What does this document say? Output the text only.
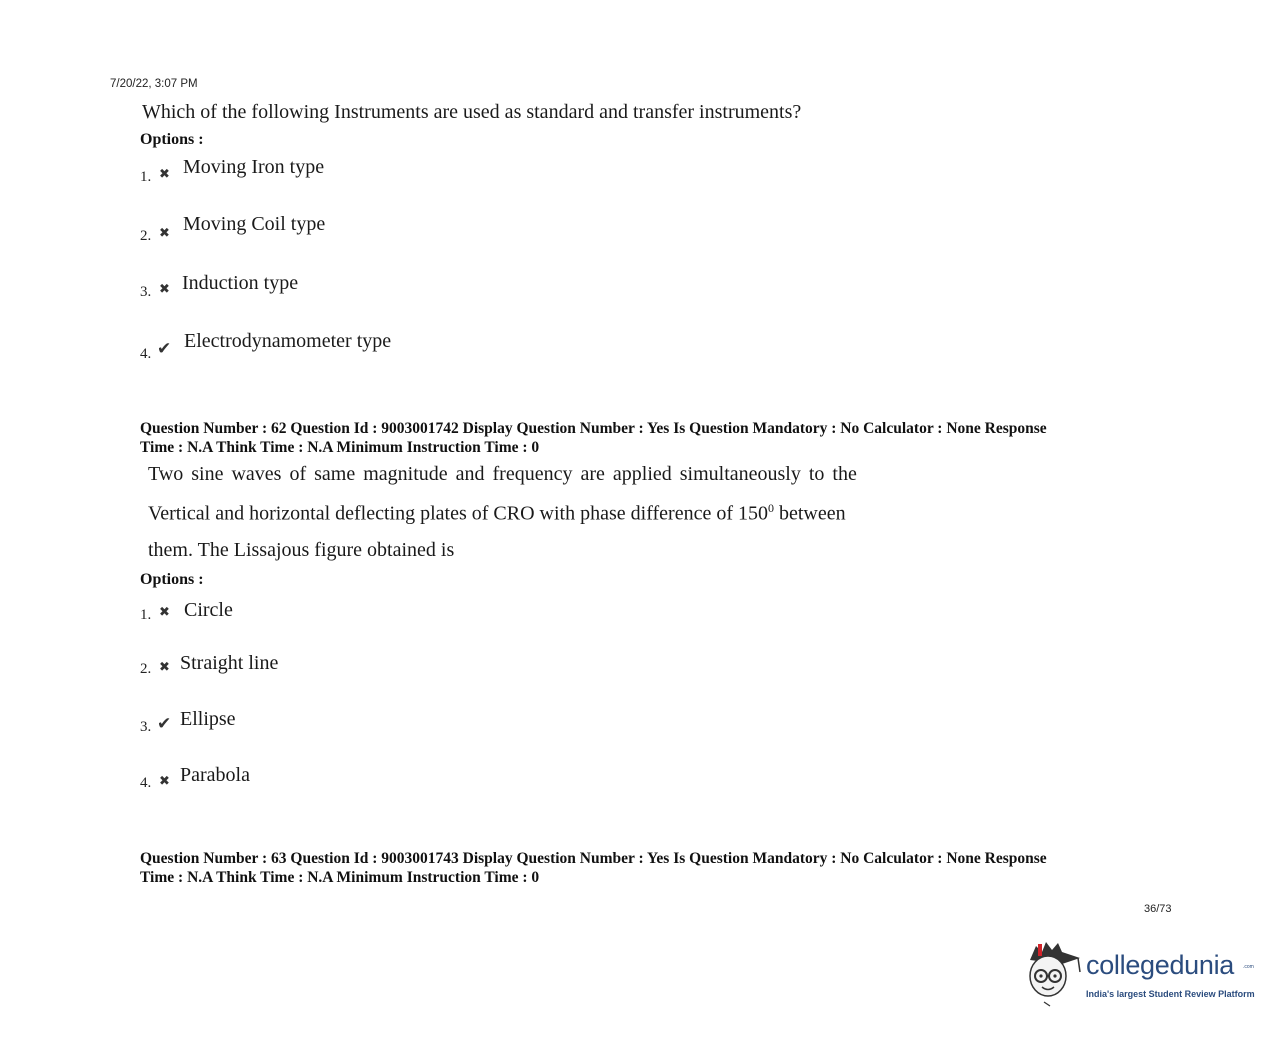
7/20/22, 3:07 PM
Which of the following Instruments are used as standard and transfer instruments?
Options :
1. ✖ Moving Iron type
2. ✖ Moving Coil type
3. ✖ Induction type
4. ✔ Electrodynamometer type
Question Number : 62 Question Id : 9003001742 Display Question Number : Yes Is Question Mandatory : No Calculator : None Response
Time : N.A Think Time : N.A Minimum Instruction Time : 0
Two sine waves of same magnitude and frequency are applied simultaneously to the
Vertical and horizontal deflecting plates of CRO with phase difference of $150^0$ between
them. The Lissajous figure obtained is
Options :
1. ✖ Circle
2. ✖ Straight line
3. ✔ Ellipse
4. ✖ Parabola
Question Number : 63 Question Id : 9003001743 Display Question Number : Yes Is Question Mandatory : No Calculator : None Response
Time : N.A Think Time : N.A Minimum Instruction Time : 0
36/73
collegedunia .com
India's largest Student Review Platform
